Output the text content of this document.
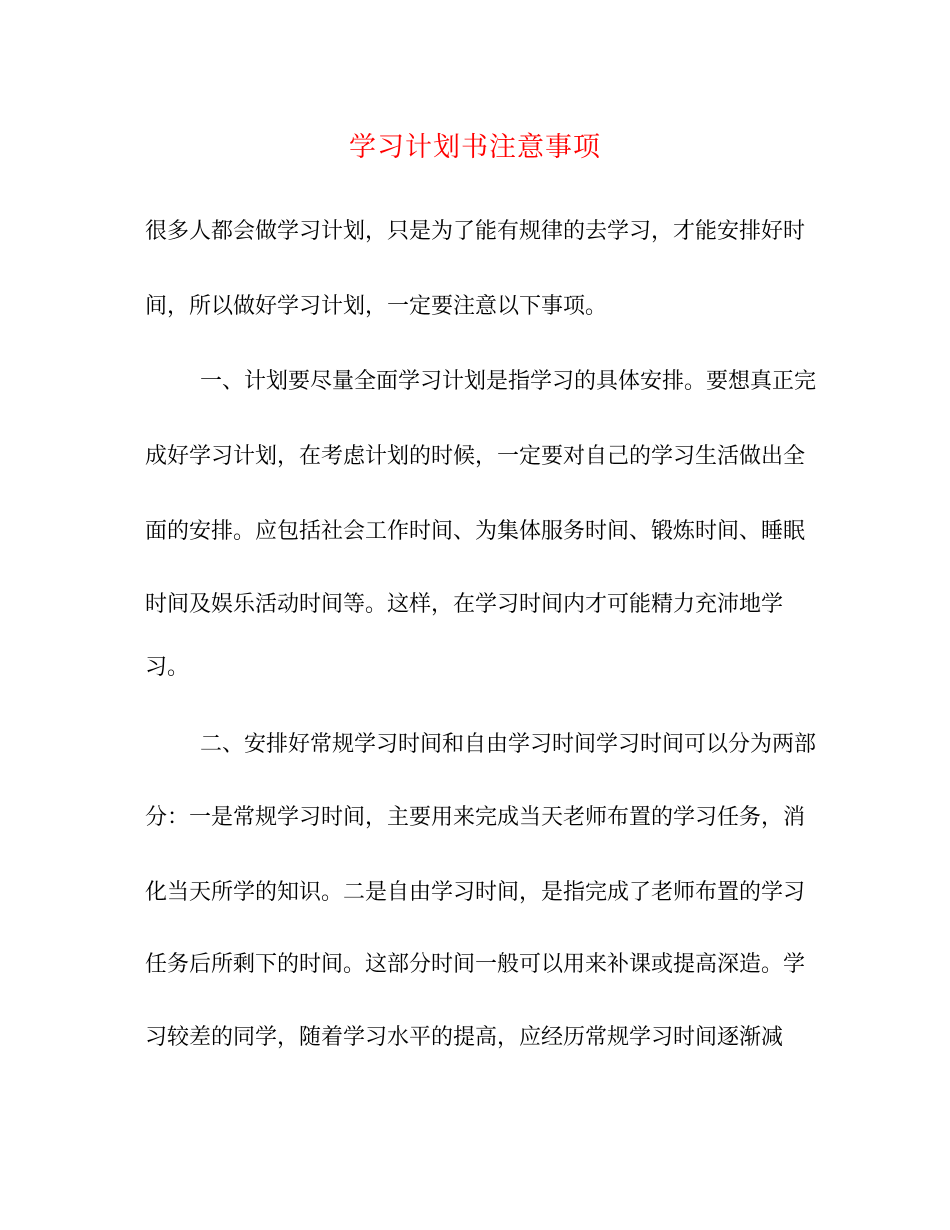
学习计划书注意事项

很多人都会做学习计划，只是为了能有规律的去学习，才能安排好时

间，所以做好学习计划，一定要注意以下事项。

一、计划要尽量全面学习计划是指学习的具体安排。要想真正完

成好学习计划，在考虑计划的时候，一定要对自己的学习生活做出全

面的安排。应包括社会工作时间、为集体服务时间、锻炼时间、睡眠

时间及娱乐活动时间等。这样，在学习时间内才可能精力充沛地学

习。

二、安排好常规学习时间和自由学习时间学习时间可以分为两部

分：一是常规学习时间，主要用来完成当天老师布置的学习任务，消

化当天所学的知识。二是自由学习时间，是指完成了老师布置的学习

任务后所剩下的时间。这部分时间一般可以用来补课或提高深造。学

习较差的同学，随着学习水平的提高，应经历常规学习时间逐渐减
